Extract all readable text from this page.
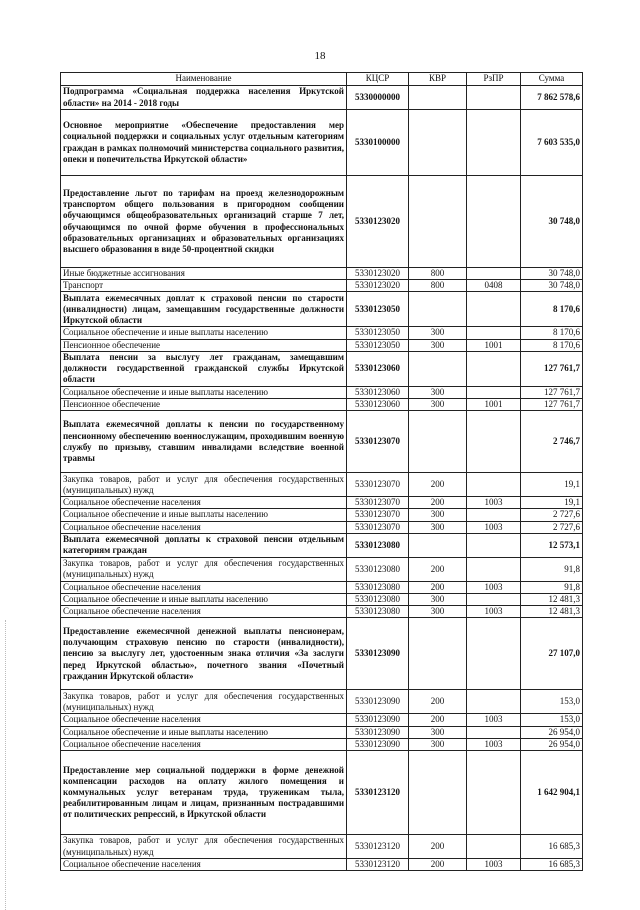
18
Наименование	КЦСР	КВР	РзПР	Сумма
Подпрограмма «Социальная поддержка населения Иркутской области» на 2014 - 2018 годы	5330000000			7 862 578,6
Основное мероприятие «Обеспечение предоставления мер социальной поддержки и социальных услуг отдельным категориям граждан в рамках полномочий министерства социального развития, опеки и попечительства Иркутской области»	5330100000			7 603 535,0
Предоставление льгот по тарифам на проезд железнодорожным транспортом общего пользования в пригородном сообщении обучающимся общеобразовательных организаций старше 7 лет, обучающимся по очной форме обучения в профессиональных образовательных организациях и образовательных организациях высшего образования в виде 50-процентной скидки	5330123020			30 748,0
Иные бюджетные ассигнования	5330123020	800		30 748,0
Транспорт	5330123020	800	0408	30 748,0
Выплата ежемесячных доплат к страховой пенсии по старости (инвалидности) лицам, замещавшим государственные должности Иркутской области	5330123050			8 170,6
Социальное обеспечение и иные выплаты населению	5330123050	300		8 170,6
Пенсионное обеспечение	5330123050	300	1001	8 170,6
Выплата пенсии за выслугу лет гражданам, замещавшим должности государственной гражданской службы Иркутской области	5330123060			127 761,7
Социальное обеспечение и иные выплаты населению	5330123060	300		127 761,7
Пенсионное обеспечение	5330123060	300	1001	127 761,7
Выплата ежемесячной доплаты к пенсии по государственному пенсионному обеспечению военнослужащим, проходившим военную службу по призыву, ставшим инвалидами вследствие военной травмы	5330123070			2 746,7
Закупка товаров, работ и услуг для обеспечения государственных (муниципальных) нужд	5330123070	200		19,1
Социальное обеспечение населения	5330123070	200	1003	19,1
Социальное обеспечение и иные выплаты населению	5330123070	300		2 727,6
Социальное обеспечение населения	5330123070	300	1003	2 727,6
Выплата ежемесячной доплаты к страховой пенсии отдельным категориям граждан	5330123080			12 573,1
Закупка товаров, работ и услуг для обеспечения государственных (муниципальных) нужд	5330123080	200		91,8
Социальное обеспечение населения	5330123080	200	1003	91,8
Социальное обеспечение и иные выплаты населению	5330123080	300		12 481,3
Социальное обеспечение населения	5330123080	300	1003	12 481,3
Предоставление ежемесячной денежной выплаты пенсионерам, получающим страховую пенсию по старости (инвалидности), пенсию за выслугу лет, удостоенным знака отличия «За заслуги перед Иркутской областью», почетного звания «Почетный гражданин Иркутской области»	5330123090			27 107,0
Закупка товаров, работ и услуг для обеспечения государственных (муниципальных) нужд	5330123090	200		153,0
Социальное обеспечение населения	5330123090	200	1003	153,0
Социальное обеспечение и иные выплаты населению	5330123090	300		26 954,0
Социальное обеспечение населения	5330123090	300	1003	26 954,0
Предоставление мер социальной поддержки в форме денежной компенсации расходов на оплату жилого помещения и коммунальных услуг ветеранам труда, труженикам тыла, реабилитированным лицам и лицам, признанным пострадавшими от политических репрессий, в Иркутской области	5330123120			1 642 904,1
Закупка товаров, работ и услуг для обеспечения государственных (муниципальных) нужд	5330123120	200		16 685,3
Социальное обеспечение населения	5330123120	200	1003	16 685,3
